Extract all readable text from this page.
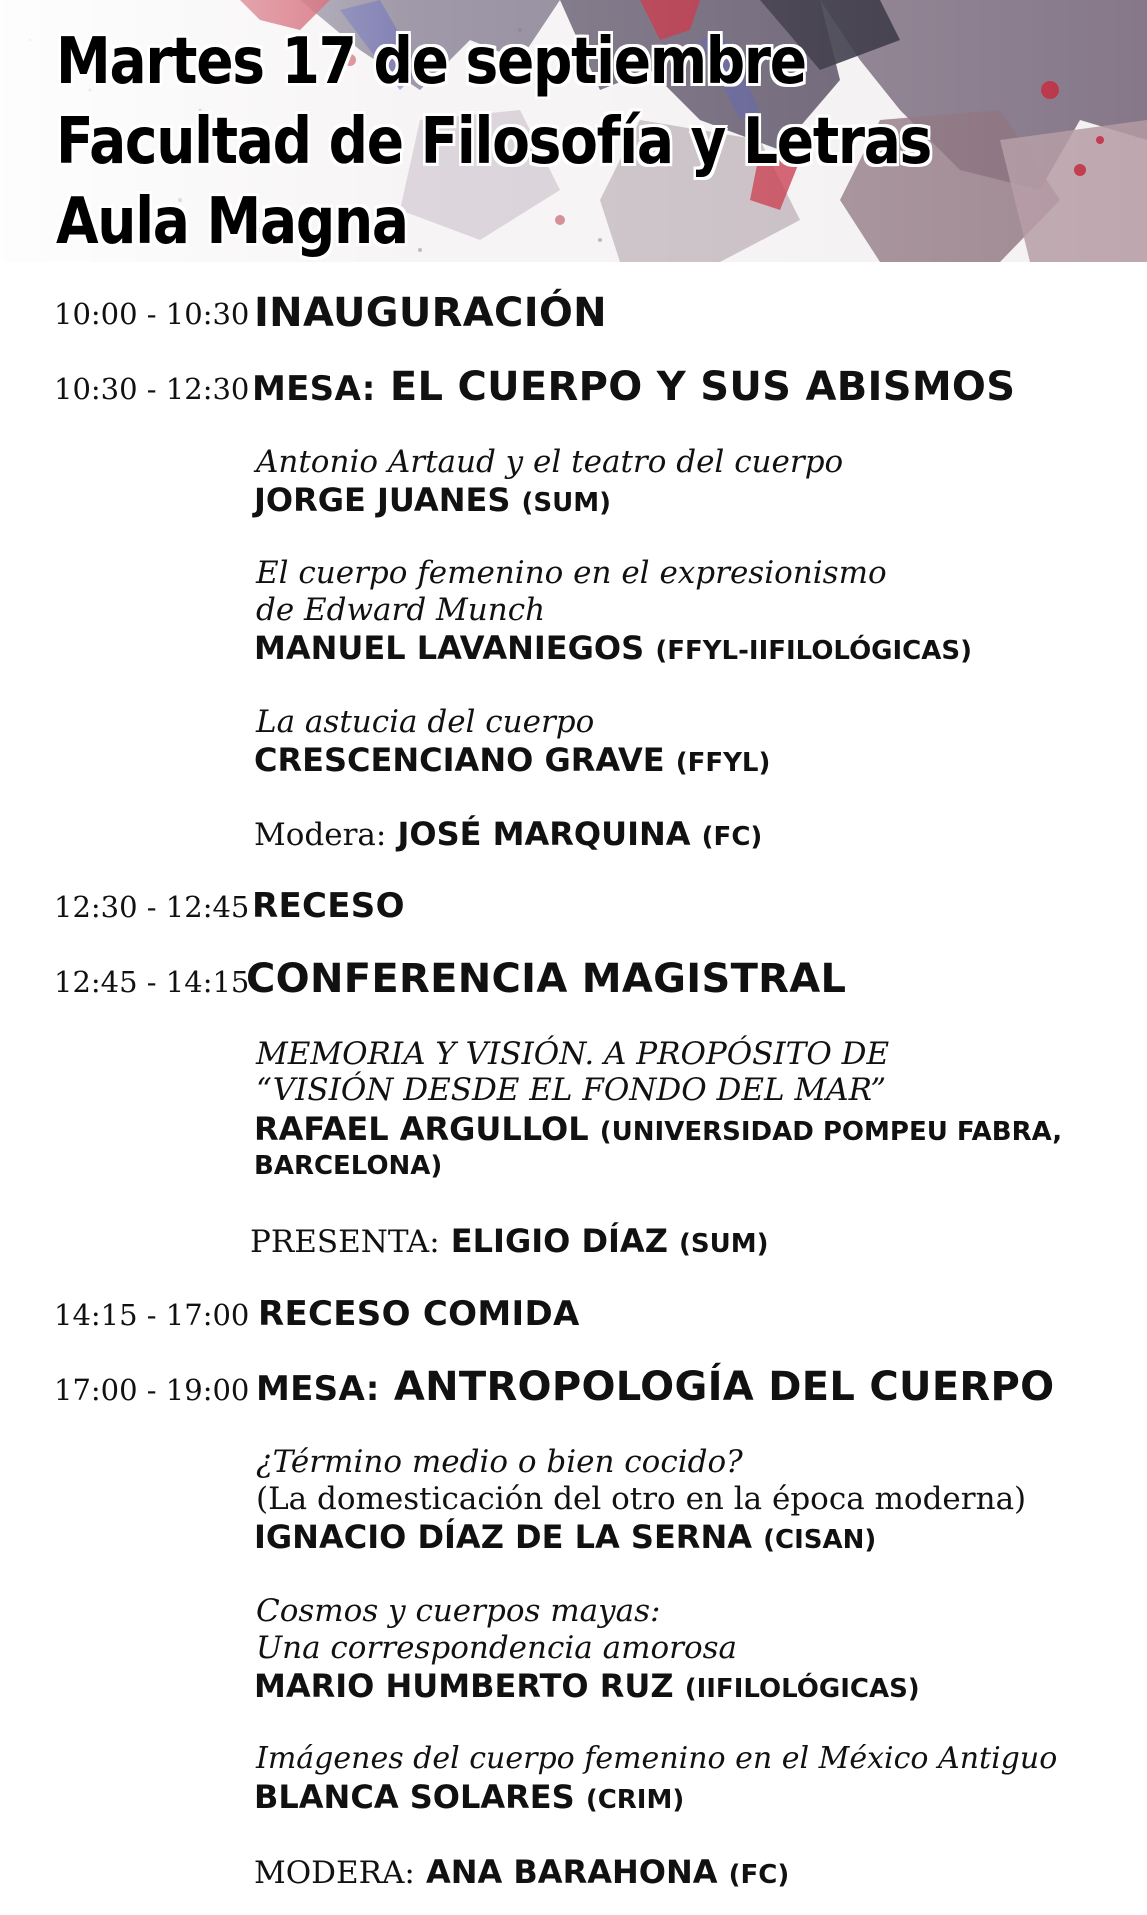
Martes 17 de septiembre
Facultad de Filosofía y Letras
Aula Magna
10:00 - 10:30 INAUGURACIÓN
10:30 - 12:30 MESA: EL CUERPO Y SUS ABISMOS
Antonio Artaud y el teatro del cuerpo
JORGE JUANES (SUM)
El cuerpo femenino en el expresionismo
de Edward Munch
MANUEL LAVANIEGOS (FFYL-IIFILOLÓGICAS)
La astucia del cuerpo
CRESCENCIANO GRAVE (FFYL)
Modera: JOSÉ MARQUINA (FC)
12:30 - 12:45 RECESO
12:45 - 14:15
CONFERENCIA MAGISTRAL
MEMORIA Y VISIÓN. A PROPÓSITO DE
“VISIÓN DESDE EL FONDO DEL MAR”
RAFAEL ARGULLOL (UNIVERSIDAD POMPEU FABRA,
BARCELONA)
PRESENTA: ELIGIO DÍAZ (SUM)
14:15 - 17:00 RECESO COMIDA
17:00 - 19:00 MESA: ANTROPOLOGÍA DEL CUERPO
¿Término medio o bien cocido?
(La domesticación del otro en la época moderna)
IGNACIO DÍAZ DE LA SERNA (CISAN)
Cosmos y cuerpos mayas:
Una correspondencia amorosa
MARIO HUMBERTO RUZ (IIFILOLÓGICAS)
Imágenes del cuerpo femenino en el México Antiguo
BLANCA SOLARES (CRIM)
MODERA: ANA BARAHONA (FC)
